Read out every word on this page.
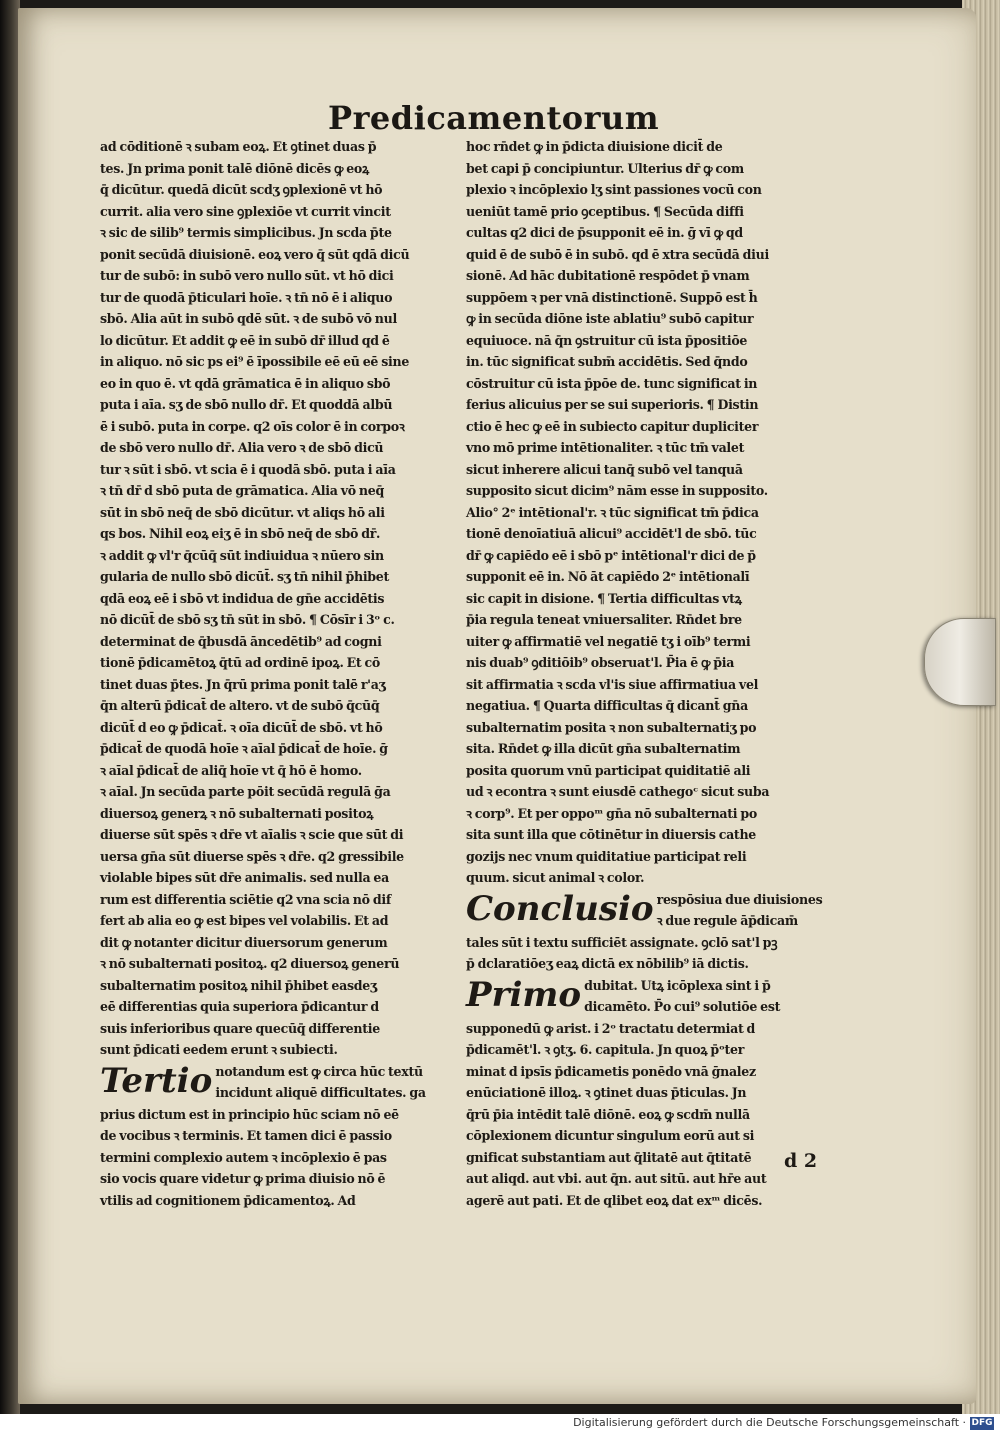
Predicamentorum
ad cōditionē ꝛ subam eoꝝ. Et ꝯtinet duas p̄
tes. Jn prima ponit talē diōnē dicēs ꝙ eoꝝ
q̄ dicūtur. quedā dicūt scdʒ ꝯplexionē vt hō
currit. alia vero sine ꝯplexiōe vt currit vincit
ꝛ sic de silib⁹ termis simplicibus. Jn scda p̄te
ponit secūdā diuisionē. eoꝝ vero q̄ sūt qdā dicū
tur de subō: in subō vero nullo sūt. vt hō dici
tur de quodā p̄ticulari hoīe. ꝛ tn̄ nō ē i aliquo
sbō. Alia aūt in subō qdē sūt. ꝛ de subō vō nul
lo dicūtur. Et addit ꝙ eē in subō dr̄ illud qd ē
in aliquo. nō sic ps ei⁹ ē īpossibile eē eū eē sine
eo in quo ē. vt qdā grāmatica ē in aliquo sbō
puta i aīa. sʒ de sbō nullo dr̄. Et quoddā albū
ē i subō. puta in corpe. q2 oīs color ē in corpoꝛ
de sbō vero nullo dr̄. Alia vero ꝛ de sbō dicū
tur ꝛ sūt i sbō. vt scia ē i quodā sbō. puta i aīa
ꝛ tn̄ dr̄ d sbō puta de grāmatica. Alia vō neq̄
sūt in sbō neq̄ de sbō dicūtur. vt aliqs hō ali
qs bos. Nihil eoꝝ eiʒ ē in sbō neq̄ de sbō dr̄.
ꝛ addit ꝙ vl'r q̄cūq̄ sūt indiuidua ꝛ nūero sin
gularia de nullo sbō dicūt̄. sʒ tn̄ nihil p̄hibet
qdā eoꝝ eē i sbō vt indidua de gn̄e accidētis
nō dicūt̄ de sbō sʒ tn̄ sūt in sbō. ¶ Cōsīr i 3ᵒ c.
determinat de q̄busdā āncedētib⁹ ad cogni
tionē p̄dicamētoꝝ q̄tū ad ordinē ipoꝝ. Et cō
tinet duas p̄tes. Jn q̄rū prima ponit talē r'aʒ
q̄n alterū p̄dicat̄ de altero. vt de subō q̄cūq̄
dicūt̄ d eo ꝙ p̄dicat̄. ꝛ oīa dicūt̄ de sbō. vt hō
p̄dicat̄ de quodā hoīe ꝛ aīal p̄dicat̄ de hoīe. ḡ
ꝛ aīal p̄dicat̄ de aliq̄ hoīe vt q̄ hō ē homo.
ꝛ aīal. Jn secūda parte pōit secūdā regulā ḡa
diuersoꝝ generꝝ ꝛ nō subalternati positoꝝ
diuerse sūt spēs ꝛ dr̄e vt aīalis ꝛ scie que sūt di
uersa gn̄a sūt diuerse spēs ꝛ dr̄e. q2 gressibile
violable bipes sūt dr̄e animalis. sed nulla ea
rum est differentia sciētie q2 vna scia nō dif
fert ab alia eo ꝙ est bipes vel volabilis. Et ad
dit ꝙ notanter dicitur diuersorum generum
ꝛ nō subalternati positoꝝ. q2 diuersoꝝ generū
subalternatim positoꝝ nihil p̄hibet easdeʒ
eē differentias quia superiora p̄dicantur d
suis inferioribus quare quecūq̄ differentie
sunt p̄dicati eedem erunt ꝛ subiecti.
Tertio notandum est ꝙ circa hūc textū
incidunt aliquē difficultates. ga
prius dictum est in principio hūc sciam nō eē
de vocibus ꝛ terminis. Et tamen dici ē passio
termini complexio autem ꝛ incōplexio ē pas
sio vocis quare videtur ꝙ prima diuisio nō ē
vtilis ad cognitionem p̄dicamentoꝝ. Ad
hoc rn̄det ꝙ in p̄dicta diuisione dicit̄ de
bet capi p̄ concipiuntur. Ulterius dr̄ ꝙ com
plexio ꝛ incōplexio lʒ sint passiones vocū con
ueniūt tamē prio ꝯceptibus. ¶ Secūda diffi
cultas q2 dici de p̄supponit eē in. ḡ vī ꝙ qd
quid ē de subō ē in subō. qd ē xtra secūdā diui
sionē. Ad hāc dubitationē respōdet p̄ vnam
suppōem ꝛ per vnā distinctionē. Suppō est h̄
ꝙ in secūda diōne iste ablatiu⁹ subō capitur
equiuoce. nā q̄n ꝯstruitur cū ista p̄positiōe
in. tūc significat subm̄ accidētis. Sed q̄ndo
cōstruitur cū ista p̄pōe de. tunc significat in
ferius alicuius per se sui superioris. ¶ Distin
ctio ē hec ꝙ eē in subiecto capitur dupliciter
vno mō prime intētionaliter. ꝛ tūc tm̄ valet
sicut inherere alicui tanq̄ subō vel tanquā
supposito sicut dicim⁹ nām esse in supposito.
Alio° 2ᵉ intētional'r. ꝛ tūc significat tm̄ p̄dica
tionē denoīatiuā alicui⁹ accidēt'l de sbō. tūc
dr̄ ꝙ capiēdo eē i sbō pᵉ intētional'r dici de p̄
supponit eē in. Nō āt capiēdo 2ᵉ intētionalī
sic capit in disione. ¶ Tertia difficultas vtꝝ
p̄ia regula teneat vniuersaliter. Rn̄det bre
uiter ꝙ affirmatiē vel negatiē tʒ i oīb⁹ termi
nis duab⁹ ꝯditiōib⁹ obseruat'l. P̄ia ē ꝙ p̄ia
sit affirmatia ꝛ scda vl'is siue affirmatiua vel
negatiua. ¶ Quarta difficultas q̄ dicant̄ gn̄a
subalternatim posita ꝛ non subalternatiʒ po
sita. Rn̄det ꝙ illa dicūt gn̄a subalternatim
posita quorum vnū participat quiditatiē ali
ud ꝛ econtra ꝛ sunt eiusdē cathegoᶜ sicut suba
ꝛ corp⁹. Et per oppoᵐ gn̄a nō subalternati po
sita sunt illa que cōtinētur in diuersis cathe
gozijs nec vnum quiditatiue participat reli
quum. sicut animal ꝛ color.
Conclusio respōsiua due diuisiones
ꝛ due regule āp̄dicam̄
tales sūt i textu sufficiēt assignate. ꝯclō sat'l pꝫ
p̄ dclaratiōeʒ eaꝝ dictā ex nōbilib⁹ iā dictis.
Primo dubitat. Utꝝ icōplexa sint i p̄
dicamēto. P̄o cui⁹ solutiōe est
supponedū ꝙ arist. i 2ᵒ tractatu determiat d
p̄dicamēt'l. ꝛ ꝯtʒ. 6. capitula. Jn quoꝝ p̄ᵒter
minat d ipsīs p̄dicametis ponēdo vnā ḡnalez
enūciationē illoꝝ. ꝛ ꝯtinet duas p̄ticulas. Jn
q̄rū p̄ia intēdit talē diōnē. eoꝝ ꝙ scdm̄ nullā
cōplexionem dicuntur singulum eorū aut si
gnificat substantiam aut q̄litatē aut q̄titatē
aut aliqd. aut vbi. aut q̄n. aut sitū. aut hr̄e aut
agerē aut pati. Et de qlibet eoꝝ dat exᵐ dicēs.
d 2
Digitalisierung gefördert durch die Deutsche Forschungsgemeinschaft · DFG
